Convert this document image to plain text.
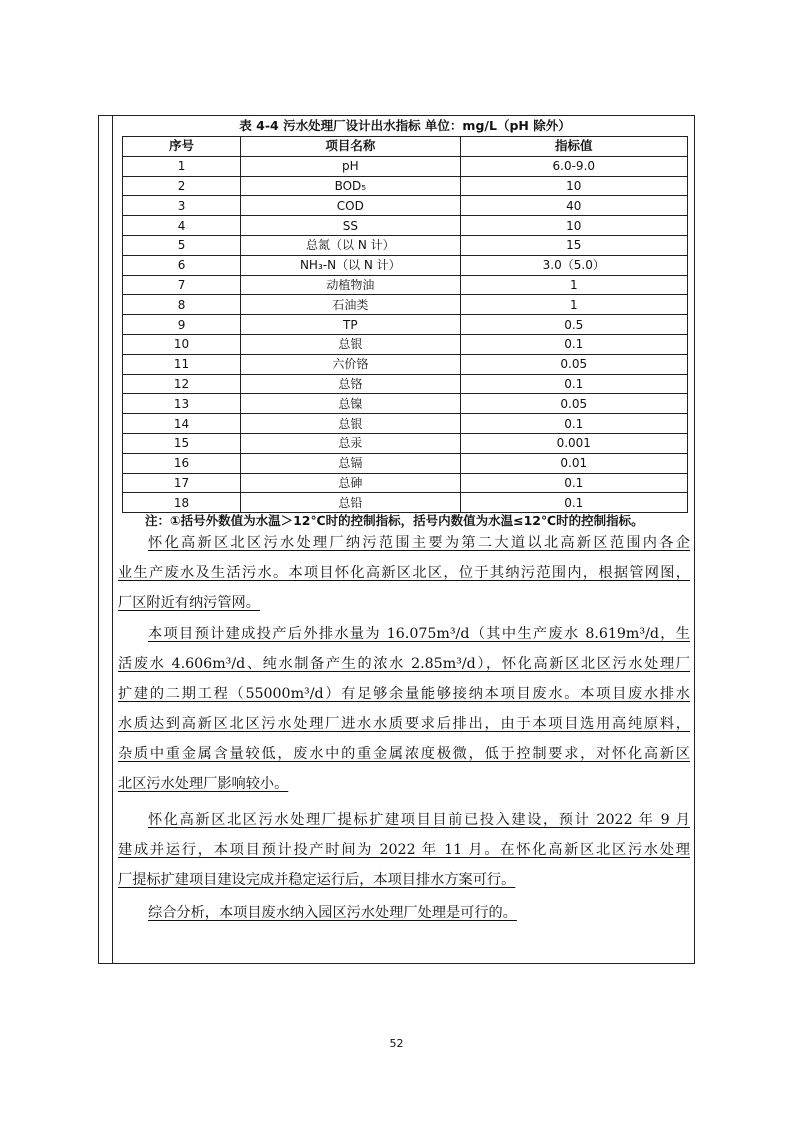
表 4-4 污水处理厂设计出水指标 单位：mg/L（pH 除外）
序号	项目名称	指标值
1	pH	6.0-9.0
2	BOD₅	10
3	COD	40
4	SS	10
5	总氮（以 N 计）	15
6	NH₃-N（以 N 计）	3.0（5.0）
7	动植物油	1
8	石油类	1
9	TP	0.5
10	总银	0.1
11	六价铬	0.05
12	总铬	0.1
13	总镍	0.05
14	总银	0.1
15	总汞	0.001
16	总镉	0.01
17	总砷	0.1
18	总铅	0.1
注：①括号外数值为水温＞12℃时的控制指标，括号内数值为水温≤12℃时的控制指标。
怀化高新区北区污水处理厂纳污范围主要为第二大道以北高新区范围内各企
业生产废水及生活污水。本项目怀化高新区北区，位于其纳污范围内，根据管网图，
厂区附近有纳污管网。
本项目预计建成投产后外排水量为 16.075m³/d（其中生产废水 8.619m³/d，生
活废水 4.606m³/d、纯水制备产生的浓水 2.85m³/d），怀化高新区北区污水处理厂
扩建的二期工程（55000m³/d）有足够余量能够接纳本项目废水。本项目废水排水
水质达到高新区北区污水处理厂进水水质要求后排出，由于本项目选用高纯原料，
杂质中重金属含量较低，废水中的重金属浓度极微，低于控制要求，对怀化高新区
北区污水处理厂影响较小。
怀化高新区北区污水处理厂提标扩建项目目前已投入建设，预计 2022 年 9 月
建成并运行，本项目预计投产时间为 2022 年 11 月。在怀化高新区北区污水处理
厂提标扩建项目建设完成并稳定运行后，本项目排水方案可行。
综合分析，本项目废水纳入园区污水处理厂处理是可行的。
52
